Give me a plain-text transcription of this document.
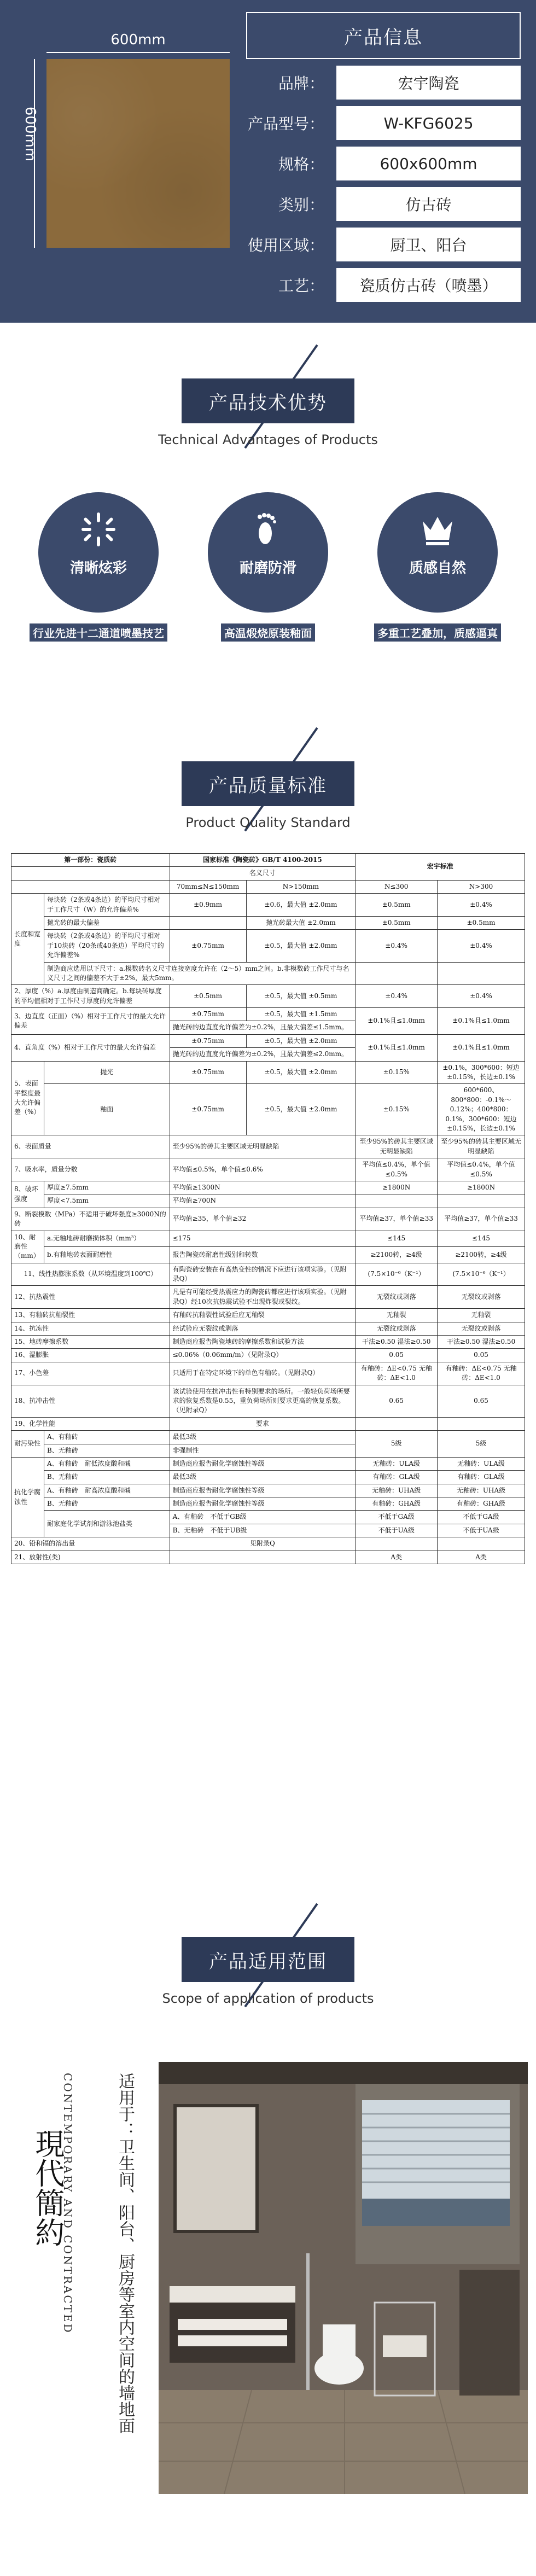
600mm
600mm
产品信息
品牌：	宏宇陶瓷
产品型号：	W-KFG6025
规格：	600x600mm
类别：	仿古砖
使用区域：	厨卫、阳台
工艺：	瓷质仿古砖（喷墨）
产品技术优势
Technical Advantages of Products
清晰炫彩	耐磨防滑	质感自然
行业先进十二通道喷墨技艺	高温煅烧原装釉面	多重工艺叠加，质感逼真
产品质量标准
Product Quality Standard
第一部份：瓷质砖		国家标准《陶瓷砖》GB/T 4100-2015		宏宇标准	
		名义尺寸			
		70mm≤N≤150mm	N>150mm	N≤300	N>300
长度和宽度	每块砖（2条或4条边）的平均尺寸相对于工作尺寸（W）的允许偏差%	±0.9mm	±0.6，最大值 ±2.0mm	±0.5mm	±0.4%
	抛光砖的最大偏差		抛光砖最大值 ±2.0mm	±0.5mm	±0.5mm
	每块砖（2条或4条边）的平均尺寸相对于10块砖（20条或40条边）平均尺寸的允许偏差%	±0.75mm	±0.5，最大值 ±2.0mm	±0.4%	±0.4%
	制造商应选用以下尺寸：a.模数砖名义尺寸连接宽度允许在（2～5）mm之间。b.非模数砖工作尺寸与名义尺寸之间的偏差不大于±2%，最大5mm。				
2、厚度（%）a.厚度由制造商确定。b.每块砖厚度的平均值相对于工作尺寸厚度的允许偏差		±0.5mm	±0.5，最大值 ±0.5mm	±0.4%	±0.4%
3、边直度（正面）（%）相对于工作尺寸的最大允许偏差		±0.75mm	±0.5，最大值 ±1.5mm	±0.1%且≤1.0mm	±0.1%且≤1.0mm
		抛光砖的边直度允许偏差为±0.2%，且最大偏差≤1.5mm。			
4、直角度（%）相对于工作尺寸的最大允许偏差		±0.75mm	±0.5，最大值 ±2.0mm	±0.1%且≤1.0mm	±0.1%且≤1.0mm
		抛光砖的边直度允许偏差为±0.2%，且最大偏差≤2.0mm。			
5、表面平整度最大允许偏差（%）	抛光	±0.75mm	±0.5，最大值 ±2.0mm	±0.15%	±0.1%，300*600：短边±0.15%，长边±0.1%
	釉面	±0.75mm	±0.5，最大值 ±2.0mm	±0.15%	600*600、800*800：-0.1%～0.12%；400*800：0.1%，300*600：短边±0.15%，长边±0.1%
6、表面质量		至少95%的砖其主要区域无明显缺陷		至少95%的砖其主要区域无明显缺陷	至少95%的砖其主要区域无明显缺陷
7、吸水率，质量分数		平均值≤0.5%，单个值≤0.6%		平均值≤0.4%，单个值≤0.5%	平均值≤0.4%，单个值≤0.5%
8、破坏强度	厚度≥7.5mm	平均值≥1300N		≥1800N	≥1800N
	厚度<7.5mm	平均值≥700N			
9、断裂模数（MPa）不适用于破坏强度≥3000N的砖		平均值≥35，单个值≥32		平均值≥37，单个值≥33	平均值≥37，单个值≥33
10、耐磨性（mm）	a.无釉地砖耐磨损体积（mm³）	≤175		≤145	≤145
	b.有釉地砖表面耐磨性	报告陶瓷砖耐磨性级别和转数		≥2100转，≥4级	≥2100转，≥4级
11、线性热膨胀系数（从环境温度到100℃）		有陶瓷砖安装在有高热变性的情况下应进行该项实验。（见附录Q）		(7.5×10⁻⁶（K⁻¹）	(7.5×10⁻⁶（K⁻¹）
12、抗热震性		凡是有可能经受热震应力的陶瓷砖都应进行该项实验。（见附录Q）经10次抗热震试验不出现炸裂或裂纹。		无裂纹或剥落	无裂纹或剥落
13、有釉砖抗釉裂性		有釉砖抗釉裂性试验后应无釉裂		无釉裂	无釉裂
14、抗冻性		经试验应无裂纹或剥落		无裂纹或剥落	无裂纹或剥落
15、地砖摩擦系数		制造商应报告陶瓷地砖的摩擦系数和试验方法		干法≥0.50 湿法≥0.50	干法≥0.50 湿法≥0.50
16、湿膨胀		≤0.06%（0.06mm/m）（见附录Q）		0.05	0.05
17、小色差		只适用于在特定环境下的单色有釉砖。（见附录Q）		有釉砖：ΔE<0.75 无釉砖：ΔE<1.0	有釉砖：ΔE<0.75 无釉砖：ΔE<1.0
18、抗冲击性		该试验使用在抗冲击性有特别要求的场所。一般轻负荷场所要求的恢复系数是0.55，重负荷场所则要求更高的恢复系数。（见附录Q）		0.65	0.65
19、化学性能		要求			
耐污染性	A、有釉砖	最低3级		5级	5级
	B、无釉砖	非强制性			
抗化学腐蚀性	A、有釉砖　 耐低浓度酸和碱	制造商应报告耐化学腐蚀性等级		无釉砖：ULA级	无釉砖：ULA级
	B、无釉砖	最低3级		有釉砖：GLA级	有釉砖：GLA级
	A、有釉砖　 耐高浓度酸和碱	制造商应报告耐化学腐蚀性等级		无釉砖：UHA级	无釉砖：UHA级
	B、无釉砖	制造商应报告耐化学腐蚀性等级		有釉砖：GHA级	有釉砖：GHA级
	耐家庭化学试剂和游泳池盐类	A、有釉砖　不低于GB级		不低于GA级	不低于GA级
		B、无釉砖　不低于UB级		不低于UA级	不低于UA级
20、铅和镉的溶出量		见附录Q			
21、放射性(类)				A类	A类
产品适用范围
Scope of application of products
現代簡約
CONTEMPORARY AND CONTRACTED	适用于：卫生间、阳台、厨房等室内空间的墙地面
